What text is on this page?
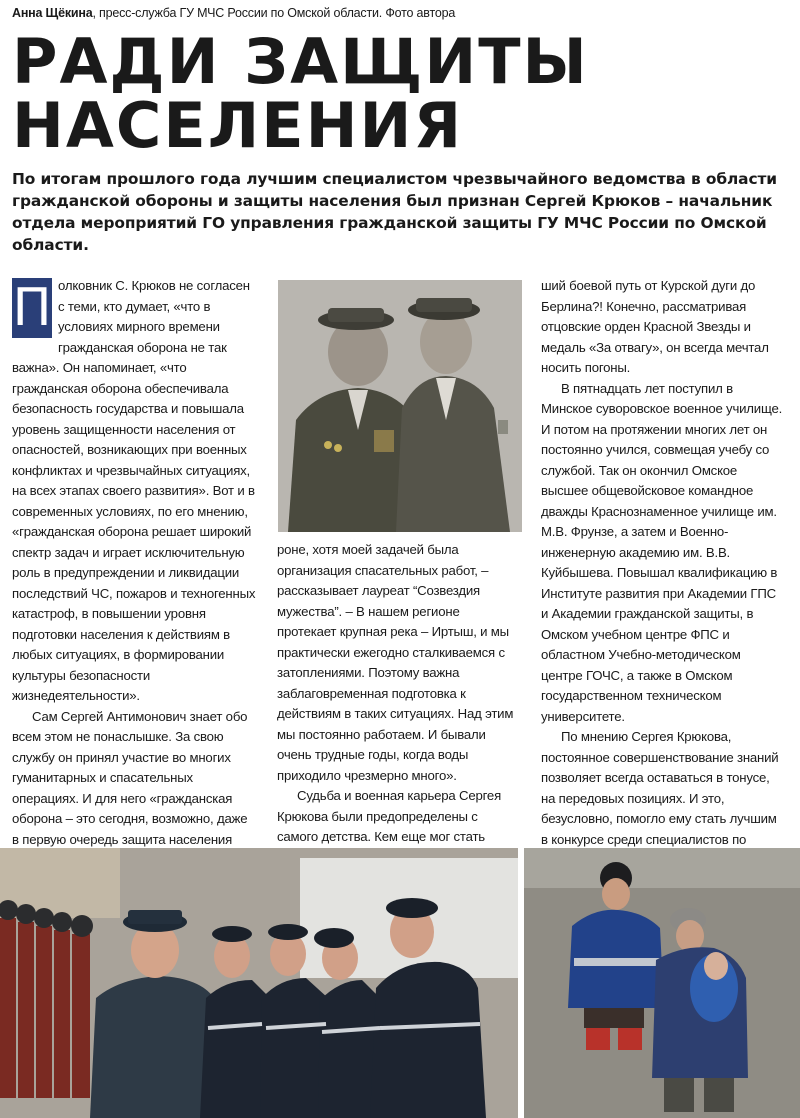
Анна Щёкина, пресс-служба ГУ МЧС России по Омской области. Фото автора
РАДИ ЗАЩИТЫ
НАСЕЛЕНИЯ
По итогам прошлого года лучшим специалистом чрезвычайного ведомства в области гражданской обороны и защиты населения был признан Сергей Крюков – начальник отдела мероприятий ГО управления гражданской защиты ГУ МЧС России по Омской области.
П олковник С. Крюков не согласен с теми, кто думает, «что в условиях мирного времени гражданская оборона не так важна». Он напоминает, «что гражданская оборона обеспечивала безопасность государства и повышала уровень защищенности населения от опасностей, возникающих при военных конфликтах и чрезвычайных ситуациях, на всех этапах своего развития». Вот и в современных условиях, по его мнению, «гражданская оборона решает широкий спектр задач и играет исключительную роль в предупреждении и ликвидации последствий ЧС, пожаров и техногенных катастроф, в повышении уровня подготовки населения к действиям в любых ситуациях, в формировании культуры безопасности жизнедеятельности».

Сам Сергей Антимонович знает обо всем этом не понаслышке. За свою службу он принял участие во многих гуманитарных и спасательных операциях. И для него «гражданская оборона – это сегодня, возможно, даже в первую очередь защита населения

роне, хотя моей задачей была организация спасательных работ, – рассказывает лауреат “Созвездия мужества”. – В нашем регионе протекает крупная река – Иртыш, и мы практически ежегодно сталкиваемся с затоплениями. Поэтому важна заблаговременная подготовка к действиям в таких ситуациях. Над этим мы постоянно работаем. И бывали очень трудные годы, когда воды приходило чрезмерно много».

Судьба и военная карьера Сергея Крюкова были предопределены с самого детства. Кем еще мог стать

ший боевой путь от Курской дуги до Берлина?! Конечно, рассматривая отцовские орден Красной Звезды и медаль «За отвагу», он всегда мечтал носить погоны.

В пятнадцать лет поступил в Минское суворовское военное училище. И потом на протяжении многих лет он постоянно учился, совмещая учебу со службой. Так он окончил Омское высшее общевойсковое командное дважды Краснознаменное училище им. М.В. Фрунзе, а затем и Военно-инженерную академию им. В.В. Куйбышева. Повышал квалификацию в Институте развития при Академии ГПС и Академии гражданской защиты, в Омском учебном центре ФПС и областном Учебно-методическом центре ГОЧС, а также в Омском государственном техническом университете.

По мнению Сергея Крюкова, постоянное совершенствование знаний позволяет всегда оставаться в тонусе, на передовых позициях. И это, безусловно, помогло ему стать лучшим в конкурсе среди специалистов по
